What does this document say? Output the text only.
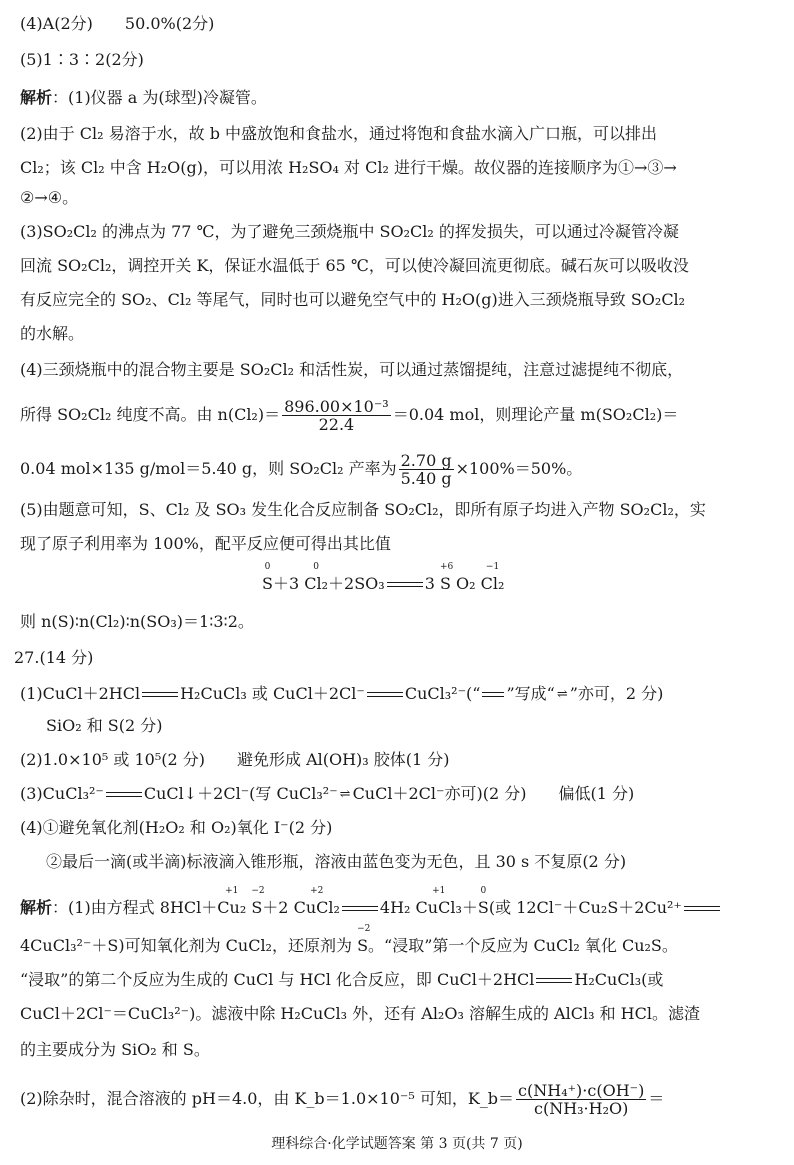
(4)A(2分)　　50.0%(2分)
(5)1∶3∶2(2分)
解析：(1)仪器 a 为(球型)冷凝管。
(2)由于 Cl₂ 易溶于水，故 b 中盛放饱和食盐水，通过将饱和食盐水滴入广口瓶，可以排出
Cl₂；该 Cl₂ 中含 H₂O(g)，可以用浓 H₂SO₄ 对 Cl₂ 进行干燥。故仪器的连接顺序为①→③→
②→④。
(3)SO₂Cl₂ 的沸点为 77 ℃，为了避免三颈烧瓶中 SO₂Cl₂ 的挥发损失，可以通过冷凝管冷凝
回流 SO₂Cl₂，调控开关 K，保证水温低于 65 ℃，可以使冷凝回流更彻底。碱石灰可以吸收没
有反应完全的 SO₂、Cl₂ 等尾气，同时也可以避免空气中的 H₂O(g)进入三颈烧瓶导致 SO₂Cl₂
的水解。
(4)三颈烧瓶中的混合物主要是 SO₂Cl₂ 和活性炭，可以通过蒸馏提纯，注意过滤提纯不彻底，
所得 SO₂Cl₂ 纯度不高。由 $n(Cl_2)= \frac{\text{896.00×10⁻³}}{22.4} =0.04$ mol，则理论产量 m(SO₂Cl₂)＝
0.04 mol×135 g/mol＝5.40 g，则 SO₂Cl₂ 产率为 $\frac{2.70 g}{5.40 g} \times 100\%=50\%$。
(5)由题意可知，S、Cl₂ 及 SO₃ 发生化合反应制备 SO₂Cl₂，即所有原子均进入产物 SO₂Cl₂，实
现了原子利用率为 100%，配平反应便可得出其比值
0
S＋3
0
Cl₂＋2SO₃	3
+6
S O₂
−1
Cl₂
则 n(S)∶n(Cl₂)∶n(SO₃)＝1∶3∶2。
27.(14 分)
(1)CuCl＋2HCl	H₂CuCl₃ 或 CuCl＋2Cl⁻	CuCl₃²⁻(“ ”写成“ ⇌ ”亦可，2 分)
SiO₂ 和 S(2 分)
(2)1.0×10⁵ 或 10⁵(2 分)　　避免形成 Al(OH)₃ 胶体(1 分)
(3)CuCl₃²⁻	CuCl↓＋2Cl⁻(写 CuCl₃²⁻ ⇌ CuCl＋2Cl⁻亦可)(2 分)　　偏低(1 分)
(4)①避免氧化剂(H₂O₂ 和 O₂)氧化 I⁻(2 分)
②最后一滴(或半滴)标液滴入锥形瓶，溶液由蓝色变为无色，且 30 s 不复原(2 分)
解析：(1)由方程式 8HCl＋
+1
Cu₂
−2
S＋2
+2
CuCl₂	4H₂
+1
CuCl₃＋
0
S(或 12Cl⁻＋Cu₂S＋2Cu²⁺
4CuCl₃²⁻＋S)可知氧化剂为 CuCl₂，还原剂为
−2
S。“浸取”第一个反应为 CuCl₂ 氧化 Cu₂S。
“浸取”的第二个反应为生成的 CuCl 与 HCl 化合反应，即 CuCl＋2HCl	H₂CuCl₃(或
CuCl＋2Cl⁻＝CuCl₃²⁻)。滤液中除 H₂CuCl₃ 外，还有 Al₂O₃ 溶解生成的 AlCl₃ 和 HCl。滤渣
的主要成分为 SiO₂ 和 S。
(2)除杂时，混合溶液的 pH＝4.0，由 K_b＝1.0×10⁻⁵ 可知，K_b＝ $\frac{\text{c(NH₄⁺)·c(OH⁻)}}{\text{c(NH₃·H₂O)}}$ ＝
理科综合·化学试题答案 第 3 页(共 7 页)
